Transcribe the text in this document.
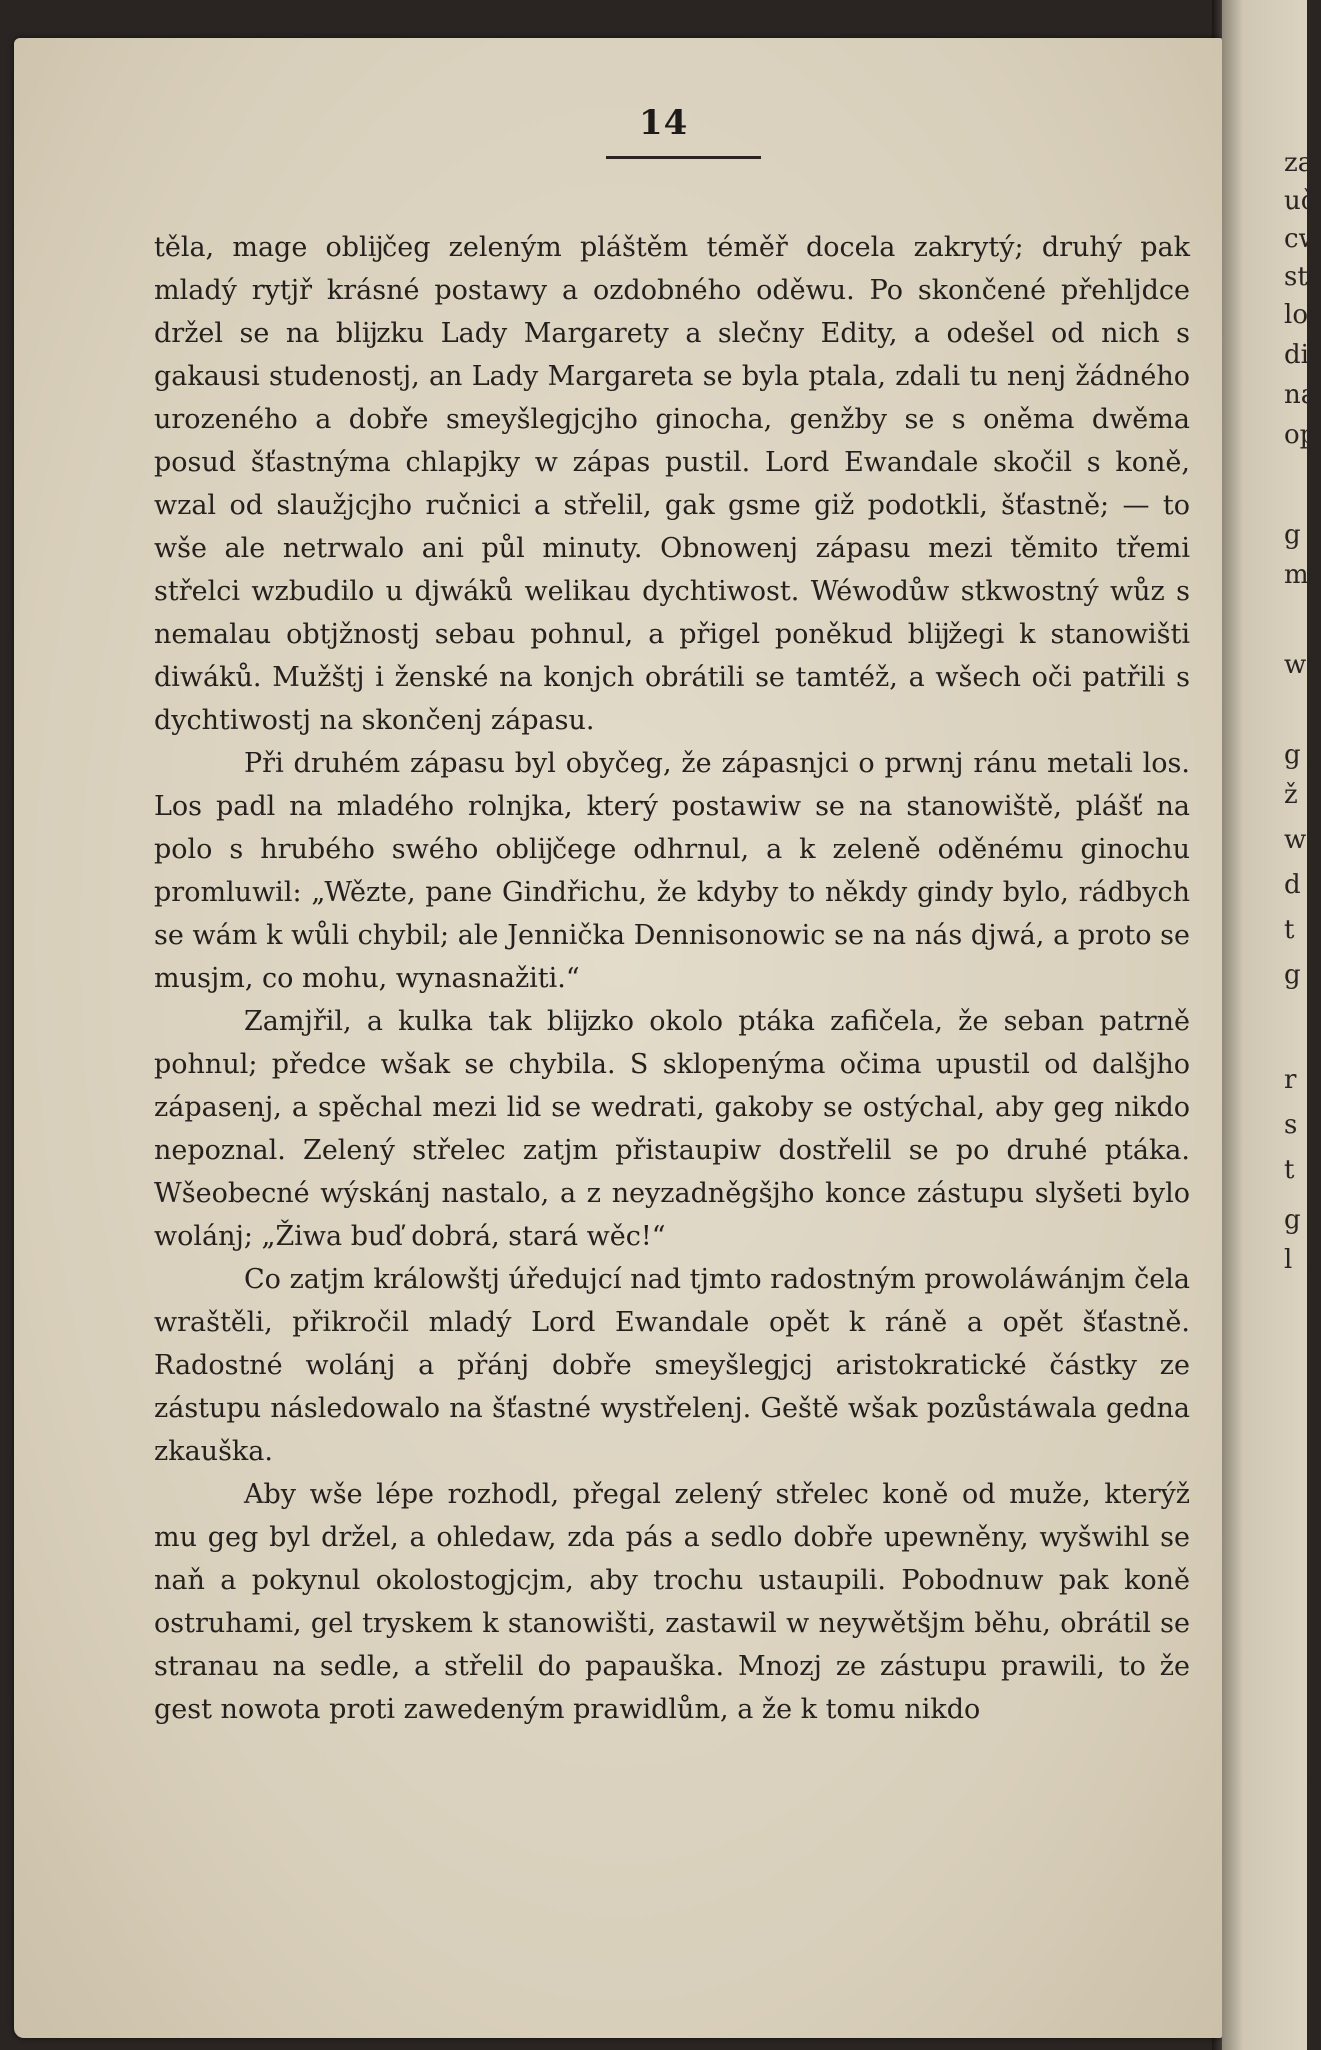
14

těla, mage oblĳčeg zeleným pláštěm téměř docela zakrytý; druhý pak mladý rytjř krásné postawy a ozdobného oděwu. Po skončené přehljdce držel se na blĳzku Lady Margarety a slečny Edity, a odešel od nich s gakausi studenostj, an Lady Margareta se byla ptala, zdali tu nenj žádného urozeného a dobře smeyšlegjcjho ginocha, genžby se s oněma dwěma posud šťastnýma chlapjky w zápas pustil. Lord Ewandale skočil s koně, wzal od slaužjcjho ručnici a střelil, gak gsme giž podotkli, šťastně; — to wše ale netrwalo ani půl minuty. Obnowenj zápasu mezi těmito třemi střelci wzbudilo u djwáků welikau dychtiwost. Wéwodůw stkwostný wůz s nemalau obtjžnostj sebau pohnul, a přigel poněkud blĳžegi k stanowišti diwáků. Mužštj i ženské na konjch obrátili se tamtéž, a wšech oči patřili s dychtiwostj na skončenj zápasu.

Při druhém zápasu byl obyčeg, že zápasnjci o prwnj ránu metali los. Los padl na mladého rolnjka, který postawiw se na stanowiště, plášť na polo s hrubého swého oblĳčege odhrnul, a k zeleně oděnému ginochu promluwil: „Wězte, pane Gindřichu, že kdyby to někdy gindy bylo, rádbych se wám k wůli chybil; ale Jennička Dennisonowic se na nás djwá, a proto se musjm, co mohu, wynasnažiti.“

Zamjřil, a kulka tak blĳzko okolo ptáka zafičela, že seban patrně pohnul; předce wšak se chybila. S sklopenýma očima upustil od dalšjho zápasenj, a spěchal mezi lid se wedrati, gakoby se ostýchal, aby geg nikdo nepoznal. Zelený střelec zatjm přistaupiw dostřelil se po druhé ptáka. Wšeobecné wýskánj nastalo, a z neyzadněgšjho konce zástupu slyšeti bylo wolánj; „Žiwa buď dobrá, stará wěc!“

Co zatjm králowštj úředujcí nad tjmto radostným prowoláwánjm čela wraštěli, přikročil mladý Lord Ewandale opět k ráně a opět šťastně. Radostné wolánj a přánj dobře smeyšlegjcj aristokratické částky ze zástupu následowalo na šťastné wystřelenj. Geště wšak pozůstáwala gedna zkauška.

Aby wše lépe rozhodl, přegal zelený střelec koně od muže, kterýž mu geg byl držel, a ohledaw, zda pás a sedlo dobře upewněny, wyšwihl se naň a pokynul okolostogjcjm, aby trochu ustaupili. Pobodnuw pak koně ostruhami, gel tryskem k stanowišti, zastawil w neywětšjm běhu, obrátil se stranau na sedle, a střelil do papauška. Mnozj ze zástupu prawili, to že gest nowota proti zawedeným prawidlům, a že k tomu nikdo

za
uč
cw
st
lo
di
na
op
g
m
w
g
ž
w
d
t
g
r
s
t
g
l
